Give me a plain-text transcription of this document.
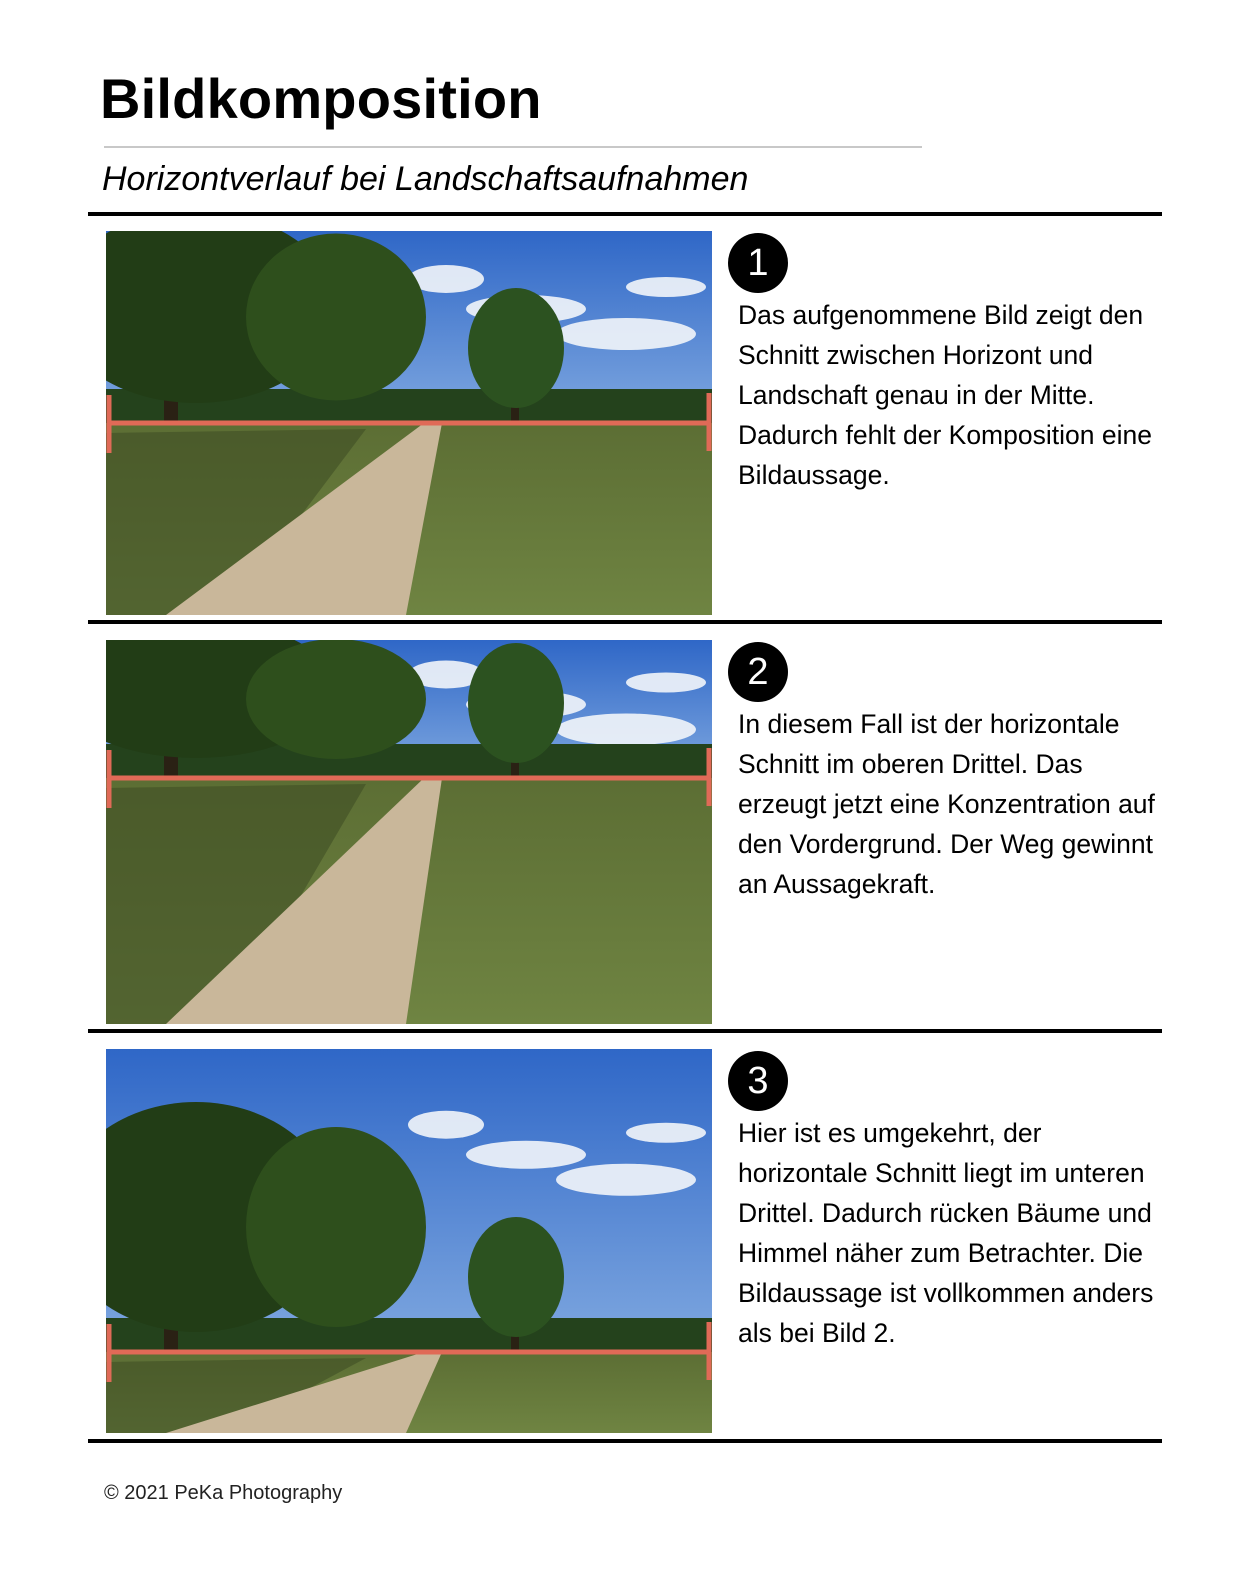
Bildkomposition
Horizontverlauf bei Landschaftsaufnahmen
1
Das aufgenommene Bild zeigt den Schnitt zwischen Horizont und Landschaft genau in der Mitte. Dadurch fehlt der Komposition eine Bildaussage.
2
In diesem Fall ist der horizontale Schnitt im oberen Drittel. Das erzeugt jetzt eine Konzentration auf den Vordergrund. Der Weg gewinnt an Aussagekraft.
3
Hier ist es umgekehrt, der horizontale Schnitt liegt im unteren Drittel. Dadurch rücken Bäume und Himmel näher zum Betrachter. Die Bildaussage ist vollkommen anders als bei Bild 2.
© 2021 PeKa Photography
